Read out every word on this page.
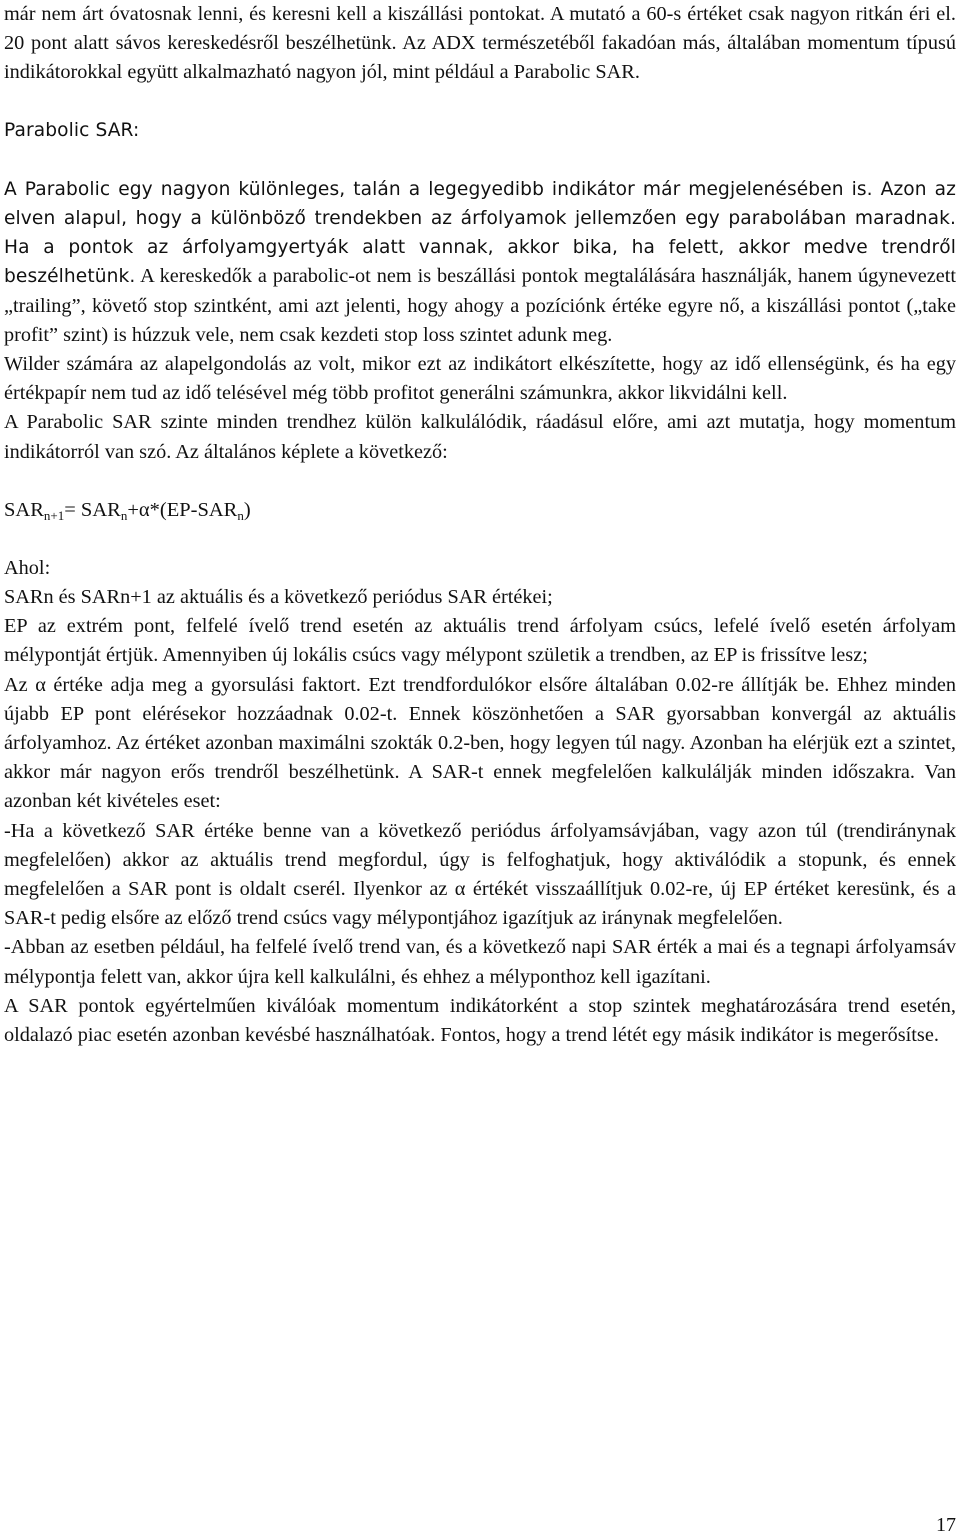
már nem árt óvatosnak lenni, és keresni kell a kiszállási pontokat. A mutató a 60-s értéket csak nagyon ritkán éri el. 20 pont alatt sávos kereskedésről beszélhetünk. Az ADX természetéből fakadóan más, általában momentum típusú indikátorokkal együtt alkalmazható nagyon jól, mint például a Parabolic SAR.

Parabolic SAR:

A Parabolic egy nagyon különleges, talán a legegyedibb indikátor már megjelenésében is. Azon az elven alapul, hogy a különböző trendekben az árfolyamok jellemzően egy parabolában maradnak. Ha a pontok az árfolyamgyertyák alatt vannak, akkor bika, ha felett, akkor medve trendről beszélhetünk. A kereskedők a parabolic-ot nem is beszállási pontok megtalálására használják, hanem úgynevezett „trailing”, követő stop szintként, ami azt jelenti, hogy ahogy a pozíciónk értéke egyre nő, a kiszállási pontot („take profit” szint) is húzzuk vele, nem csak kezdeti stop loss szintet adunk meg.

Wilder számára az alapelgondolás az volt, mikor ezt az indikátort elkészítette, hogy az idő ellenségünk, és ha egy értékpapír nem tud az idő telésével még több profitot generálni számunkra, akkor likvidálni kell.

A Parabolic SAR szinte minden trendhez külön kalkulálódik, ráadásul előre, ami azt mutatja, hogy momentum indikátorról van szó. Az általános képlete a következő:

$SAR_{n+1}= SAR_n+\alpha*(EP-SAR_n)$

Ahol:

SARn és SARn+1 az aktuális és a következő periódus SAR értékei;

EP az extrém pont, felfelé ívelő trend esetén az aktuális trend árfolyam csúcs, lefelé ívelő esetén árfolyam mélypontját értjük. Amennyiben új lokális csúcs vagy mélypont születik a trendben, az EP is frissítve lesz;

Az α értéke adja meg a gyorsulási faktort. Ezt trendfordulókor elsőre általában 0.02-re állítják be. Ehhez minden újabb EP pont elérésekor hozzáadnak 0.02-t. Ennek köszönhetően a SAR gyorsabban konvergál az aktuális árfolyamhoz. Az értéket azonban maximálni szokták 0.2-ben, hogy legyen túl nagy. Azonban ha elérjük ezt a szintet, akkor már nagyon erős trendről beszélhetünk. A SAR-t ennek megfelelően kalkulálják minden időszakra. Van azonban két kivételes eset:

-Ha a következő SAR értéke benne van a következő periódus árfolyamsávjában, vagy azon túl (trendiránynak megfelelően) akkor az aktuális trend megfordul, úgy is felfoghatjuk, hogy aktiválódik a stopunk, és ennek megfelelően a SAR pont is oldalt cserél. Ilyenkor az α értékét visszaállítjuk 0.02-re, új EP értéket keresünk, és a SAR-t pedig elsőre az előző trend csúcs vagy mélypontjához igazítjuk az iránynak megfelelően.

-Abban az esetben például, ha felfelé ívelő trend van, és a következő napi SAR érték a mai és a tegnapi árfolyamsáv mélypontja felett van, akkor újra kell kalkulálni, és ehhez a mélyponthoz kell igazítani.

A SAR pontok egyértelműen kiválóak momentum indikátorként a stop szintek meghatározására trend esetén, oldalazó piac esetén azonban kevésbé használhatóak. Fontos, hogy a trend létét egy másik indikátor is megerősítse.

17
